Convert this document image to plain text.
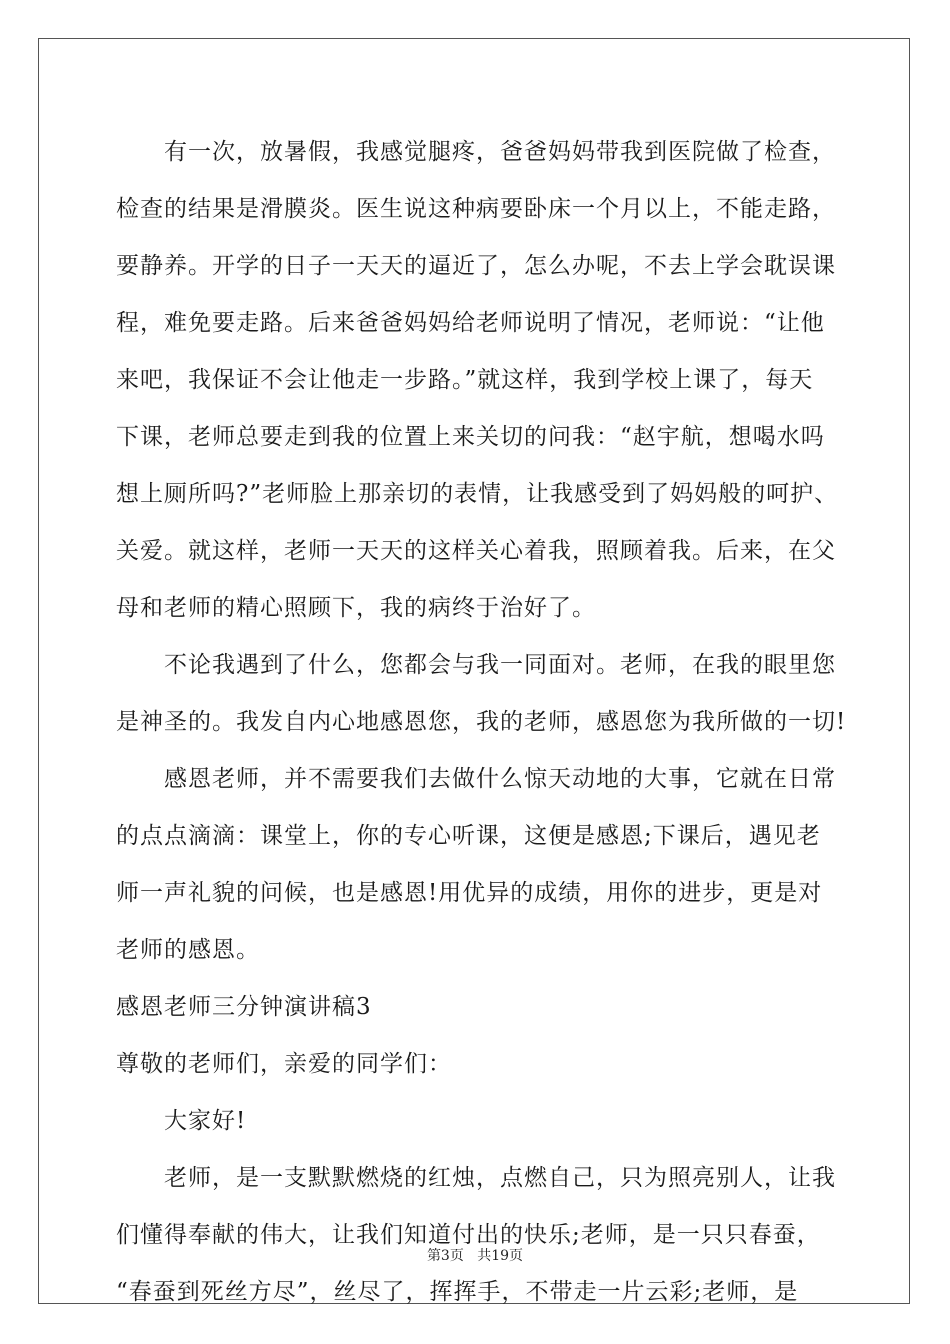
有一次，放暑假，我感觉腿疼，爸爸妈妈带我到医院做了检查，
检查的结果是滑膜炎。医生说这种病要卧床一个月以上，不能走路，
要静养。开学的日子一天天的逼近了，怎么办呢，不去上学会耽误课
程，难免要走路。后来爸爸妈妈给老师说明了情况，老师说：“让他
来吧，我保证不会让他走一步路。”就这样，我到学校上课了，每天
下课，老师总要走到我的位置上来关切的问我：“赵宇航，想喝水吗
想上厕所吗?”老师脸上那亲切的表情，让我感受到了妈妈般的呵护、
关爱。就这样，老师一天天的这样关心着我，照顾着我。后来，在父
母和老师的精心照顾下，我的病终于治好了。
不论我遇到了什么，您都会与我一同面对。老师，在我的眼里您
是神圣的。我发自内心地感恩您，我的老师，感恩您为我所做的一切!
感恩老师，并不需要我们去做什么惊天动地的大事，它就在日常
的点点滴滴：课堂上，你的专心听课，这便是感恩;下课后，遇见老
师一声礼貌的问候，也是感恩!用优异的成绩，用你的进步，更是对
老师的感恩。
感恩老师三分钟演讲稿3
尊敬的老师们，亲爱的同学们：
大家好!
老师，是一支默默燃烧的红烛，点燃自己，只为照亮别人，让我
们懂得奉献的伟大，让我们知道付出的快乐;老师，是一只只春蚕，
“春蚕到死丝方尽”，丝尽了，挥挥手，不带走一片云彩;老师，是
第3页 共19页
